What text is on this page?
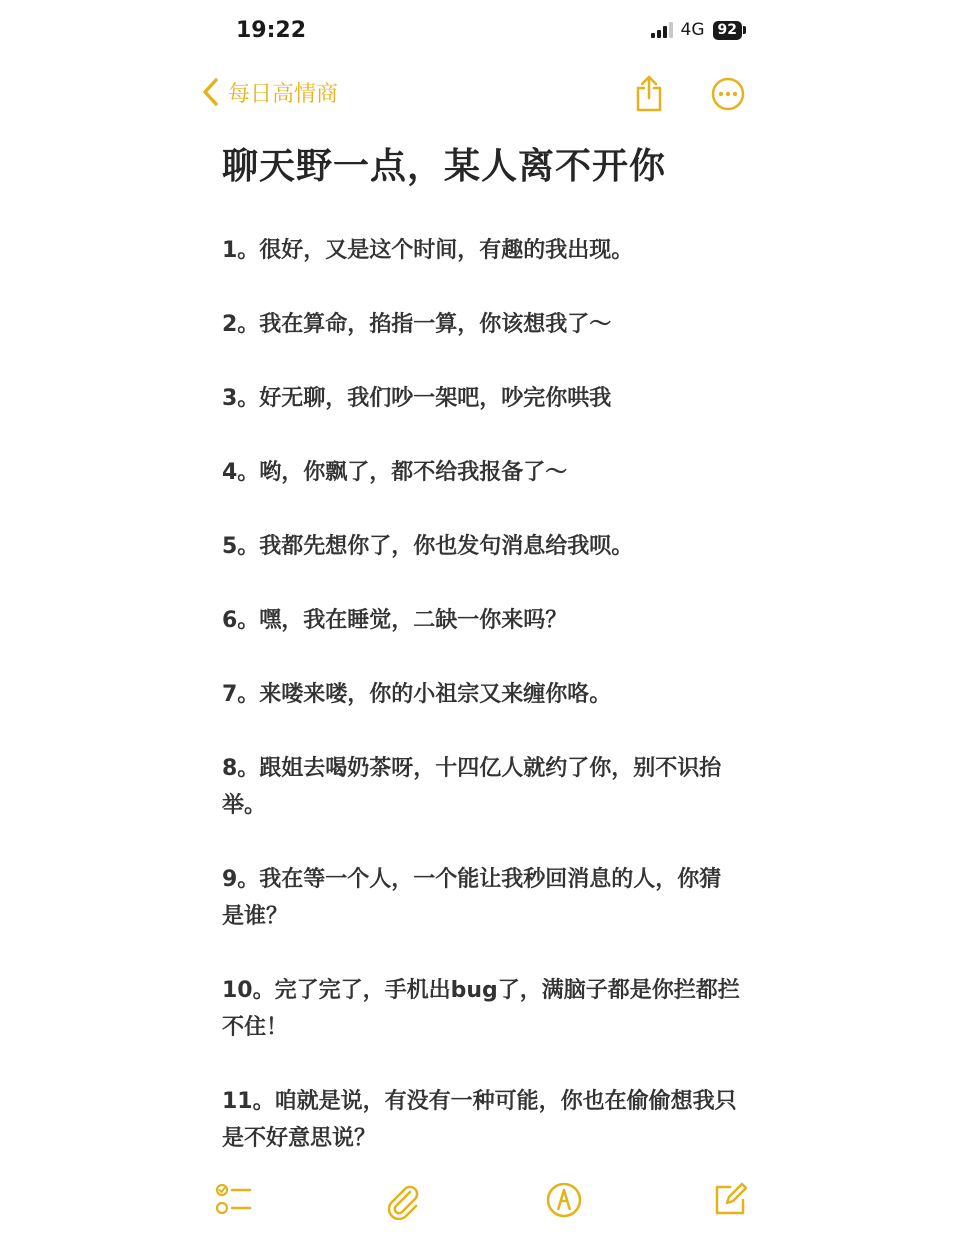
19:22	4G 92
每日高情商
聊天野一点，某人离不开你

1。很好，又是这个时间，有趣的我出现。

2。我在算命，掐指一算，你该想我了～

3。好无聊，我们吵一架吧，吵完你哄我

4。哟，你飘了，都不给我报备了～

5。我都先想你了，你也发句消息给我呗。

6。嘿，我在睡觉，二缺一你来吗？

7。来喽来喽，你的小祖宗又来缠你咯。

8。跟姐去喝奶茶呀，十四亿人就约了你，别不识抬举。

9。我在等一个人，一个能让我秒回消息的人，你猜是谁？

10。完了完了，手机出bug了，满脑子都是你拦都拦不住！

11。咱就是说，有没有一种可能，你也在偷偷想我只是不好意思说？
